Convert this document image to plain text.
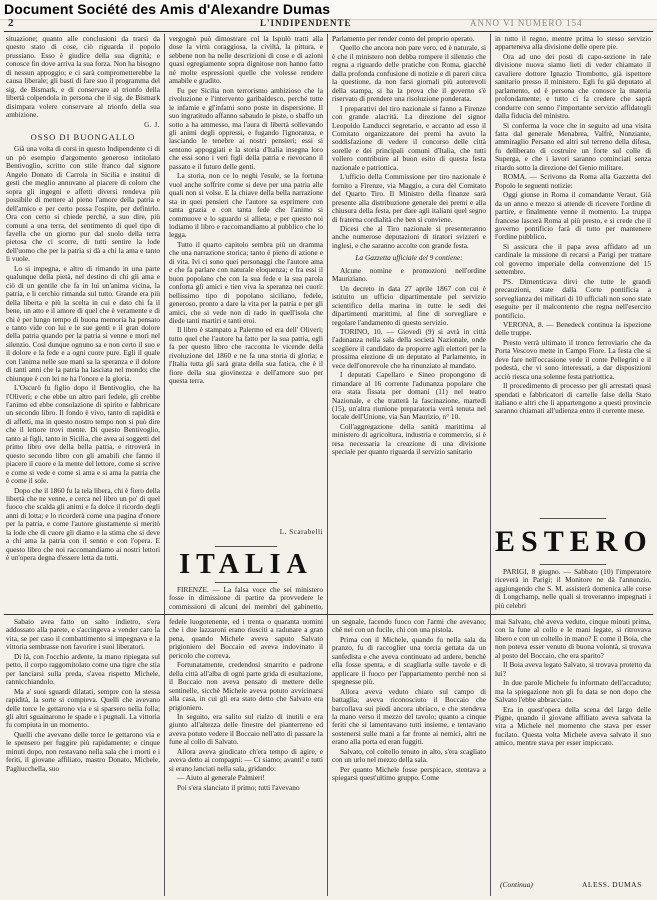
Document Société des Amis d'Alexandre Dumas
2	L'INDIPENDENTE	ANNO VI NUMERO 154

situazione; quanto alle conclusioni da trarsi da questo stato di cose, ciò riguarda il popolo prussiano. Esso è giudice della sua dignità; e conosce fin dove arriva la sua forza. Non ha bisogno di nessun appoggio; e ci sarà comprometterebbe la causa liberale; gli basti di fare suo il programma del sig. de Bismark, e di conservare al trionfo della libertà colpendola in persona che il sig. de Bismark disimpara volere conservare al trionfo della sua ambizione.

G. J.

OSSO DI BUONGALLO

Già una volta di corsi in questo Indipendente ci di un pò esempio d'argomento generoso intitolato Bentivoglio, scritto con stile franco dal signore Angelo Donato di Carrola in Sicilia e instituì di gesti che meglio annuvano al piacere di coloro che sopra gli ingegni e affetti diversi rendeva più possibile di mettere al pieno l'amore della patria e dell'amico e per certo possa l'ospite, per definirlo. Ora con certo si chiede perché, a suo dire, più comuni a una terra, del sentimento di quel tipo di favella che un giorno pur dal suolo della terra pietosa che ci scorre, di tutti sentire la lode dell'uomo che per la patria si dà a chi la ama e tanto li vuole.

Lo si impegna, e altro di rimando in una parte qualunque della pietà, nel destino di chi gli ama e ciò di un gentile che fa in lui un'anima vicina, la patria, e li cerchio rimanda sul tutto. Grande era più della liberta e più la scelta in cui e dato chi fa il bene, un atto e il amore di quel che è veramente e di chi è per lungo tempo di buona memoria ha pensato e tanto vide con lui e le sue genti e il gran dolore della patria quando per la patria si venne e morì nel silenzio. Così dunque ognuno sa e non certo il suo e il dolore e la fede e a ogni cuore pure. Egli il quale con l'anima nelle sue mani sa la speranza e il dolore di tanti anni che la patria ha lasciata nel mondo; che chiunque è con lei ne ha l'onore e la gloria.

L'Oscurò fu figlio dopo il Bentivoglio, che ha l'Oliveri; e che ebbe un altro pari fedele, gli crebbe l'animo ed ebbe consolazione di spirito e fabbricare un secondo libro. Il fondo è vivo, tanto di rapidità e di affetti, ma in questo nostro tempo non si può dire che il lettore trovi mente. Di questo Bentivoglio, tanto ai figli, tanto in Sicilia, che avea ai soggetti del primo libro ove della bella patria, e ritroverà in questo secondo libro con gli amabili che fanno il piacere il cuore e la mente del lettore, come si scrive e come si vede e come si ama e si ama la patria che è come il sole.

Dopo che il 1860 fu la tela libera, chi è fiero della libertà che ne venne, e cerca nel libro un po' di quel fuoco che scalda gli animi e fa dolce il ricordo degli anni di lotta; e lo ricorderà come una pagina d'onore per la patria, e come l'autore giustamente si meritò la lode che di cuore gli diamo e la stima che si deve a chi ama la patria con il senno e con l'opera. E questo libro che noi raccomandiamo ai nostri lettori è un'opera degna d'essere letta da tutti.

Sabaio avea fatto un salto indietro, s'era addossato alla parete, e s'accingeva a vender caro la vita, se per caso il combattimento si impegnava e la vittoria sembrasse non favorire i suoi liberatori.

Di là, con l'occhio ardente, la mano ripiegata sul petto, il corpo raggomitolato come una tigre che stia per lanciarsi sulla preda, s'avea rispetto Michele, rannicchiandolo.

Ma a' suoi sguardi dilatati, sempre con la stessa rapidità, la sorte si compieva. Quelli che avevano delle torce le gettarono via e si sparsero nella folla; gli altri sguainarono le spade e i pugnali. La vittoria fu compiuta in un momento.

Quelli che avevano delle torce le gettarono via e le spensero per fuggire più rapidamente; e cinque minuti dopo, non restavano nella sala che i morti e i feriti, il giovane affiliato, mastro Donato, Michele, Pagliucchella, suo

vergognò può dimostrare col la Ispulò tratti alla dose la virtù coraggiosa, la civiltà, la pittura, e sebbene non ha nelle descrizioni di cose e di azioni quasi egregiamente sopra dignitose non hanno fatto né molte espressioni quelle che volesse rendere amabile e gradito.

Fu per Sicilia non terrorismo ambizioso che la rivoluzione e l'intervento garibaldesco, perché tutte le infamie e gl'infami sono poste in dispersione. Il suo ingratitudo affanno sabaudo le piste, o sbaffo un sotto a ha ammesso, ma l'aura di libertà sollevando gli animi degli oppressi, e fugando l'ignoranza, e lasciando le tenebre ai nostri pensieri; essi si sentono appoggiati e la storia d'Italia insegna loro che essi sono i veri figli della patria e rievocano il passato e il futuro delle genti.

La storia, non ce lo neghi l'esule, se la fortuna vuol anche soffrire come si deve per una patria alle quali non si volse. E la chiave della bella narrazione sta in quei pensieri che l'autore sa esprimere con tanta grazia e con tanta fede che l'animo si commuove e lo sguardo si allieta; e per questo noi lodiamo il libro e raccomandiamo al pubblico che lo legga.

Tutto il quarto capitolo sembra più un dramma che una narrazione storica; tanto è pieno di azione e di vita. Ivi ci sono quei personaggi che l'autore ama e che fa parlare con naturale eloquenza; e fra essi il buon popolano che con la sua fede e la sua parola conforta gli amici e tien viva la speranza nei cuori: bellissimo tipo di popolano siciliano, fedele, generoso, pronto a dare la vita per la patria e per gli amici, che si vede non di rado in quell'isola che diede tanti martiri e tanti eroi.

Il libro è stampato a Palermo ed era dell' Oliveri; tutto quel che l'autore ha fatto per la sua patria, egli fa per questo libro che racconta le vicende della rivoluzione del 1860 e ne fa una storia di gloria; e l'Italia tutta gli sarà grata della sua fatica, che è il fiore della sua giovinezza e dell'amore suo per questa terra.

L. Scarabelli

ITALIA

FIRENZE. — La falsa voce che sei ministero fosse in dimissione di partire da provvedere le commissioni di alcuni dei membri del gabinetto,

fedele luogotenente, ed i trenta o quaranta uomini che i due lazzaroni erano riusciti a radunare a gran pena, quando Michele aveva saputo Salvato prigioniero del Boccaio ed aveva indovinato il pericolo che correva.

Fortunatamente, credendosi smarrito e padrone della città all'alba di ogni parte grida di esultazione, il Boccaio non aveva pensato di mettere delle sentinelle, sicchè Michele aveva potuto avvicinarsi alla casa, in cui gli era stato detto che Salvato era prigioniero.

In seguito, era salito sul rialzo di inutili e era giunto all'altezza delle finestre del pianterreno ed aveva potuto vedere il Boccaio nell'atto di passare la fune al collo di Salvato.

Allora aveva giudicato ch'era tempo di agire, e aveva detto ai compagni: — Ci siamo; avanti! e tutti si erano lanciati nella sala, gridando:

— Aiuto al generale Palmieri!

Poi s'era slanciato il primo; tutti l'avevano

Parlamento per render conto del proprio operato.

Quello che ancora non pare vero, ed è naturale, si è che il ministero non debba rompere il silenzio che regna a riguardo delle pratiche con Roma, giacchè dalla profonda confusione di notizie e di pareri circa la questione, da non farsi giornali più autorevoli della stampa, si ha la prova che il governo s'è riservato di prendere una risoluzione ponderata.

I preparativi del tiro nazionale si fanno a Firenze con grande alacrità. La direzione del signor Leopoldo Landucci segretario, e accanto ad esso il Comitato organizzatore dei premi ha avuto la soddisfazione di vedere il concorso delle città sorelle e dei principali comuni d'Italia, che tutti vollero contribuire al buon esito di questa festa nazionale e patriottica.

L'ufficio della Commissione per tiro nazionale è fornito a Firenze, via Maggio, a cura del Comitato del Quarto Tiro. Il Ministro della finanze sarà presente alla distribuzione generale dei premi e alla chiusura della festa, per dare agli italiani quel segno di fraterna cordialità che ben si conviene.

Dicesi che al Tiro nazionale si presenteranno anche numerose deputazioni di tiratori svizzeri e inglesi, e che saranno accolte con grande festa.

La Gazzetta ufficiale del 9 contiene:

Alcune nomine e promozioni nell'ordine Mauriziano.

Un decreto in data 27 aprile 1867 con cui è istituito un ufficio dipartimentale pel servizio scientifico della marina in tutte le sedi dei dipartimenti marittimi, al fine di sorvegliare e regolare l'andamento di questo servizio.

TORINO, 10. — Giovedì (9) si avrà in città l'adunanza nella sala della società Nazionale, onde scegliere il candidato da proporre agli elettori per la prossima elezione di un deputato al Parlamento, in vece dell'onorevole che ha rinunziato al mandato.

I deputati Capellaro e Sineo propongono di rimandare al 16 corrente l'adunanza popolare che era stata fissata per domani (11) nel teatro Nazionale, e che tratterà la fascinazione, martedì (15), un'altra riunione preparatoria verrà tenuta nel locale dell'Unione, via San Maurizio, n° 10.

Coll'aggregazione della sanità marittima al ministero di agricoltura, industria e commercio, si è resa necessaria la creazione di una divisione speciale per quanto riguarda il servizio sanitario

un segnale, facendo fuoco con l'armi che avevano; ché nei con un fucile, chi con una pistola.

Prima con il Michele, quando fu nella sala da pranzo, fu di raccoglier una torcia gettata da un sanfedista e che aveva continuato ad ardere, benchè ella fosse spenta, e di scagliarla sulle tavole e di applicare il fuoco per l'appartamento perchè non si spegnesse più.

Allora aveva veduto chiaro sul campo di battaglia; aveva riconosciuto il Boccaio che barcollava sui piedi ancora ubriaco, e che stendeva la mano verso il mezzo del tavolo; quanto a cinque feriti che si lamentavano tutti insieme, e tentavano sostenersi sulle mani a far fronte ai nemici, altri ne erano alla porta ed eran fuggiti.

Salvato, col coltello tenuto in alto, s'era scagliato con un urlo nel mezzo della sala.

Per quanto Michele fosse perspicace, stentava a spiegarsi quest'ultimo gruppo. Come

in tutto il regno, mentre prima lo stesso servizio apparteneva alla divisione delle opere pie.

Ora ad uno dei posti di capo-sezione in tale divisione nuova siamo lieti di veder chiamato il cavaliere dottore Ignazio Trombotto, già ispettore sanitario presso il ministero. Egli fu già deputato al parlamento, ed è persona che conosce la materia profondamente; e tutto ci fa credere che saprà condurre con senno l'importante servizio affidatogli dalla fiducia del ministro.

Si conferma la voce che in seguito ad una visita fatta dal generale Menabrea, Valfrè, Nunziante, ammiraglio Persano ed altri sul terreno della difesa, fu deliberato di costruire un forte sul colle di Superga, e che i lavori saranno cominciati senza ritardo sotto la direzione del Genio militare.

ROMA. — Scrivono da Roma alla Gazzetta del Popolo le seguenti notizie:

Oggi giunse in Roma il comandante Veraut. Già da un anno e mezzo si attende di ricevere l'ordine di partire, e finalmente venne il momento. La truppa francese lascerà Roma al più presto, e si crede che il governo pontificio farà di tutto per mantenere l'ordine pubblico.

Si assicura che il papa avea affidato ad un cardinale la missione di recarsi a Parigi per trattare col governo imperiale della convenzione del 15 settembre.

PS. Dimenticava dirvi che tutte le grandi precauzioni, state dalla Corte pontificia a sorveglianza dei militari di 10 ufficiali non sono state eseguite per il malcontento che regna nell'esercito pontificio.

VERONA, 8. — Benedeck continua la ispezione delle truppe.

Presto verrà ultimato il tronco ferroviario che da Porta Vescovo mette in Campo Fiore. La festa che si deve fare nell'occasione vede il conte Pellegrini e il podestà, che vi sono interessati, a dar disposizioni acciò riesca una solenne festa patriottica.

Il procedimento di processo per gli arrestati quasi spendati e fabbricatori di cartelle false della Stato italiano e altri che li appartengono a questi provincie saranno chiamati all'udienza entro il corrente mese.

ESTERO

PARIGI, 8 giugno. — Sabbato (10) l'imperatore riceverà in Parigi; il Monitore ne dà l'annunzio, aggiungendo che S. M. assisterà domenica alle corse di Longchamp, nelle quali si troveranno impegnati i più celebri

mai Salvato, chè aveva veduto, cinque minuti prima, con la fune al collo e le mani legate, si ritrovava libero e con un coltello in mano? E come il Boia, che non poteva esser venuto di buona volontà, si trovava al posto del Boccaio, che era sparito?

Il Boia aveva legato Salvato, si trovava protetto da lui?

In due parole Michele fu informato dell'accaduto; ma la spiegazione non gli fu data se non dopo che Salvato l'ebbe abbracciato.

Era in quest'opera della scena del largo delle Pigne, quando il giovane affiliato aveva salvata la vita a Michele nel momento che stava per esser fucilato. Questa volta Michele aveva salvato il suo amico, mentre stava per esser impiccato.

(Continua)	ALESS. DUMAS
